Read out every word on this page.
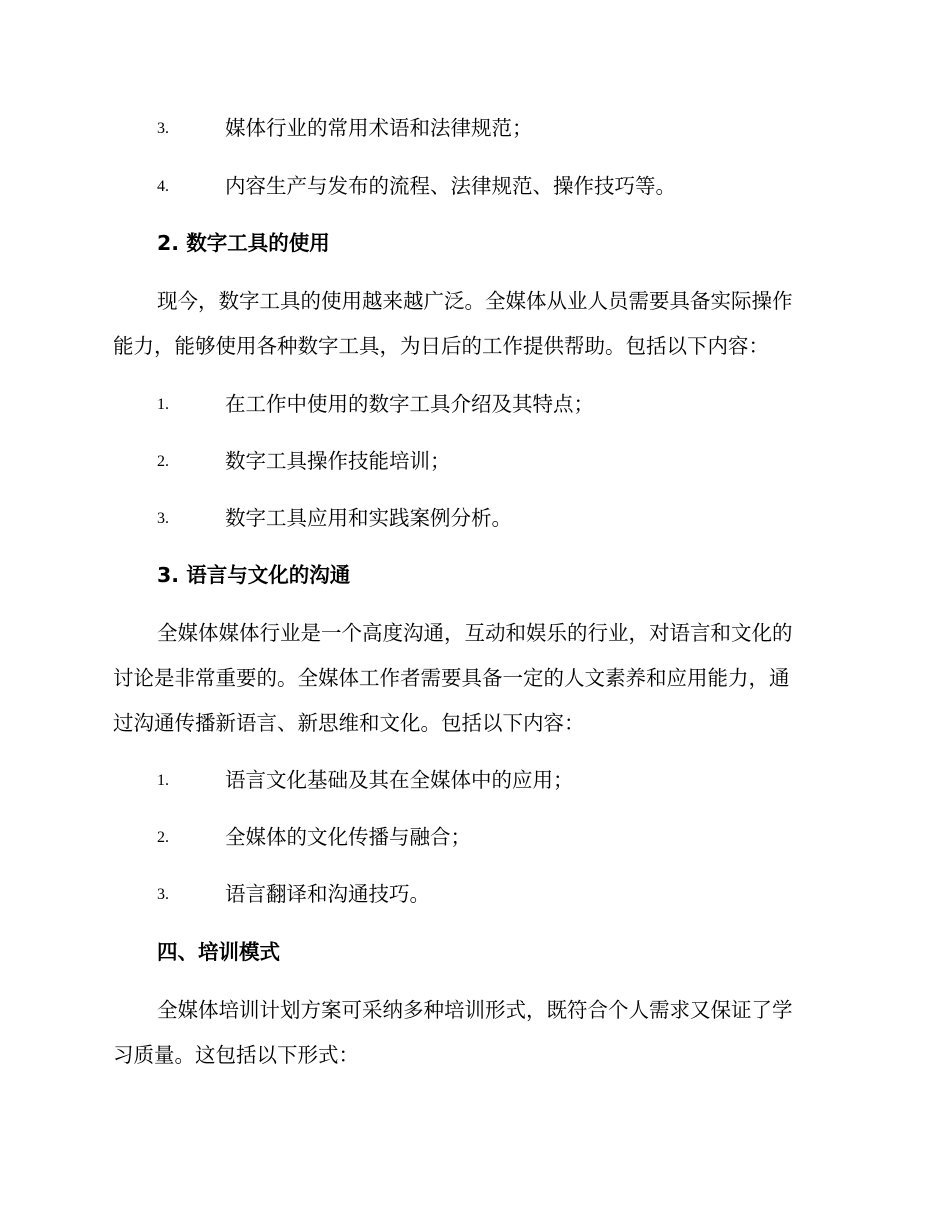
3.	媒体行业的常用术语和法律规范；
4.	内容生产与发布的流程、法律规范、操作技巧等。
2. 数字工具的使用
现今，数字工具的使用越来越广泛。全媒体从业人员需要具备实际操作
能力，能够使用各种数字工具，为日后的工作提供帮助。包括以下内容：
1.	在工作中使用的数字工具介绍及其特点；
2.	数字工具操作技能培训；
3.	数字工具应用和实践案例分析。
3. 语言与文化的沟通
全媒体媒体行业是一个高度沟通，互动和娱乐的行业，对语言和文化的
讨论是非常重要的。全媒体工作者需要具备一定的人文素养和应用能力，通
过沟通传播新语言、新思维和文化。包括以下内容：
1.	语言文化基础及其在全媒体中的应用；
2.	全媒体的文化传播与融合；
3.	语言翻译和沟通技巧。
四、培训模式
全媒体培训计划方案可采纳多种培训形式，既符合个人需求又保证了学
习质量。这包括以下形式：
